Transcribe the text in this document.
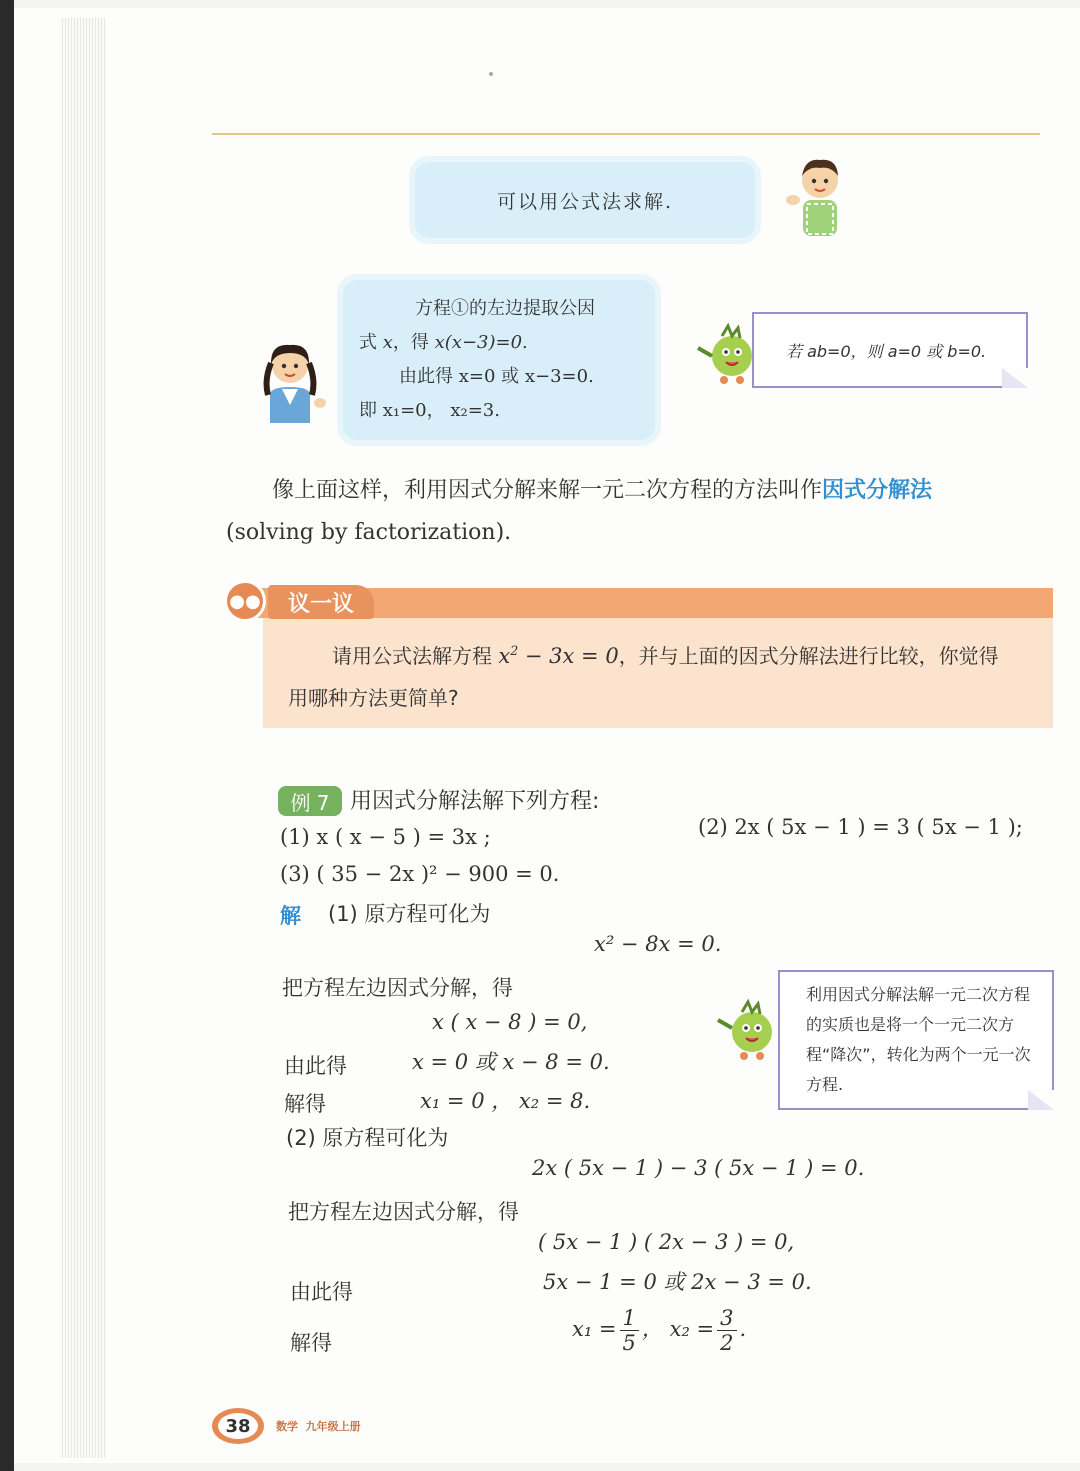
可以用公式法求解.
方程①的左边提取公因
式 x，得 x(x−3)=0.
由此得 x=0 或 x−3=0.
即 x₁=0， x₂=3.
若 ab=0，则 a=0 或 b=0.
像上面这样，利用因式分解来解一元二次方程的方法叫作因式分解法
(solving by factorization).
●●	议一议
请用公式法解方程 $x^2 - 3x = 0$，并与上面的因式分解法进行比较，你觉得
用哪种方法更简单?
例 7 用因式分解法解下列方程:
(1) x ( x − 5 ) = 3x ;	(2) 2x ( 5x − 1 ) = 3 ( 5x − 1 );
(3) ( 35 − 2x )² − 900 = 0.
解 (1) 原方程可化为
x² − 8x = 0.
把方程左边因式分解，得
x ( x − 8 ) = 0,
由此得	x = 0 或 x − 8 = 0.
解得	x₁ = 0 ， x₂ = 8.
利用因式分解法解一元二次方程的实质也是将一个一元二次方程“降次”，转化为两个一元一次方程.
(2) 原方程可化为
2x ( 5x − 1 ) − 3 ( 5x − 1 ) = 0.
把方程左边因式分解，得
( 5x − 1 ) ( 2x − 3 ) = 0,
由此得	5x − 1 = 0 或 2x − 3 = 0.
解得
$x_1 = \frac{1}{5}$ ， $x_2 = \frac{3}{2}$ .
38	数学 九年级上册
